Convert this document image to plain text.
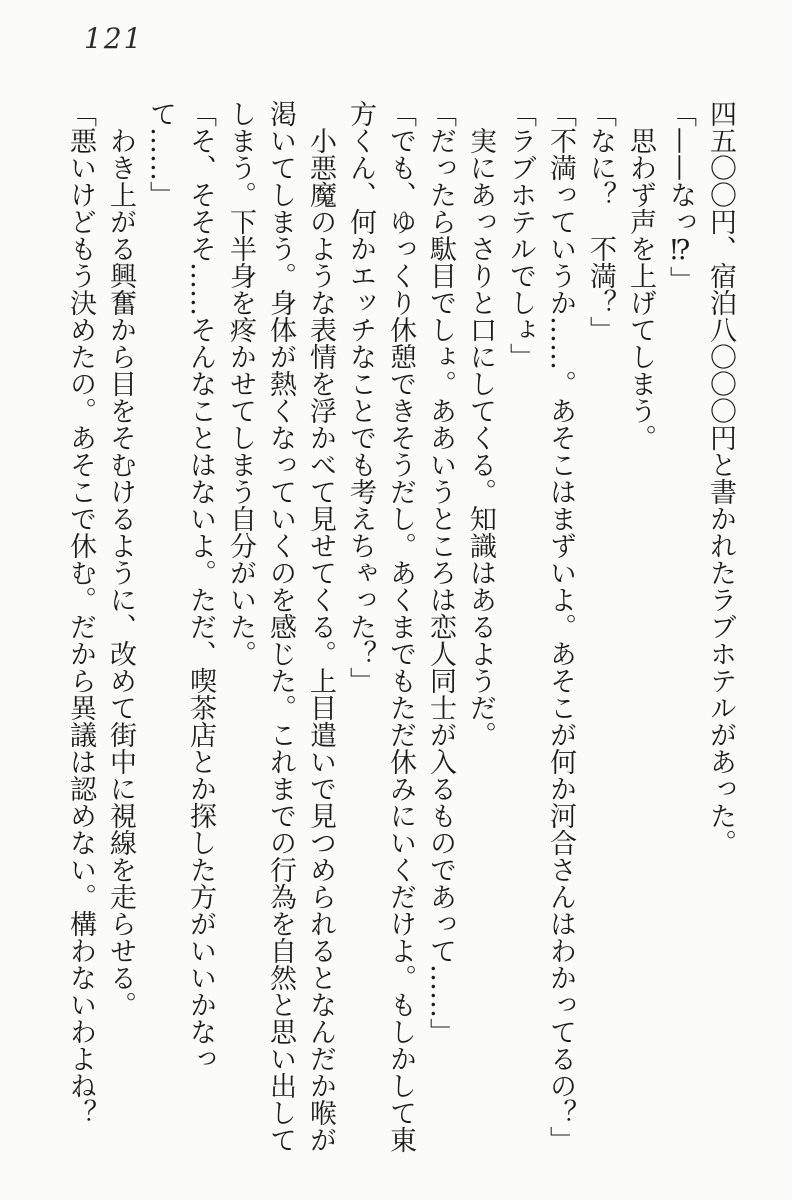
121

四五〇〇円、宿泊八〇〇〇円と書かれたラブホテルがあった。

「——なっ⁉」

思わず声を上げてしまう。

「なに？　不満？」

「不満っていうか……。あそこはまずいよ。あそこが何か河合さんはわかってるの？」

「ラブホテルでしょ」

実にあっさりと口にしてくる。知識はあるようだ。

「だったら駄目でしょ。ああいうところは恋人同士が入るものであって……」

「でも、ゆっくり休憩できそうだし。あくまでもただ休みにいくだけよ。もしかして東方くん、何かエッチなことでも考えちゃった？」

小悪魔のような表情を浮かべて見せてくる。上目遣いで見つめられるとなんだか喉が渇いてしまう。身体が熱くなっていくのを感じた。これまでの行為を自然と思い出してしまう。下半身を疼かせてしまう自分がいた。

「そ、そそそ……そんなことはないよ。ただ、喫茶店とか探した方がいいかなって……」

わき上がる興奮から目をそむけるように、改めて街中に視線を走らせる。

「悪いけどもう決めたの。あそこで休む。だから異議は認めない。構わないわよね？
